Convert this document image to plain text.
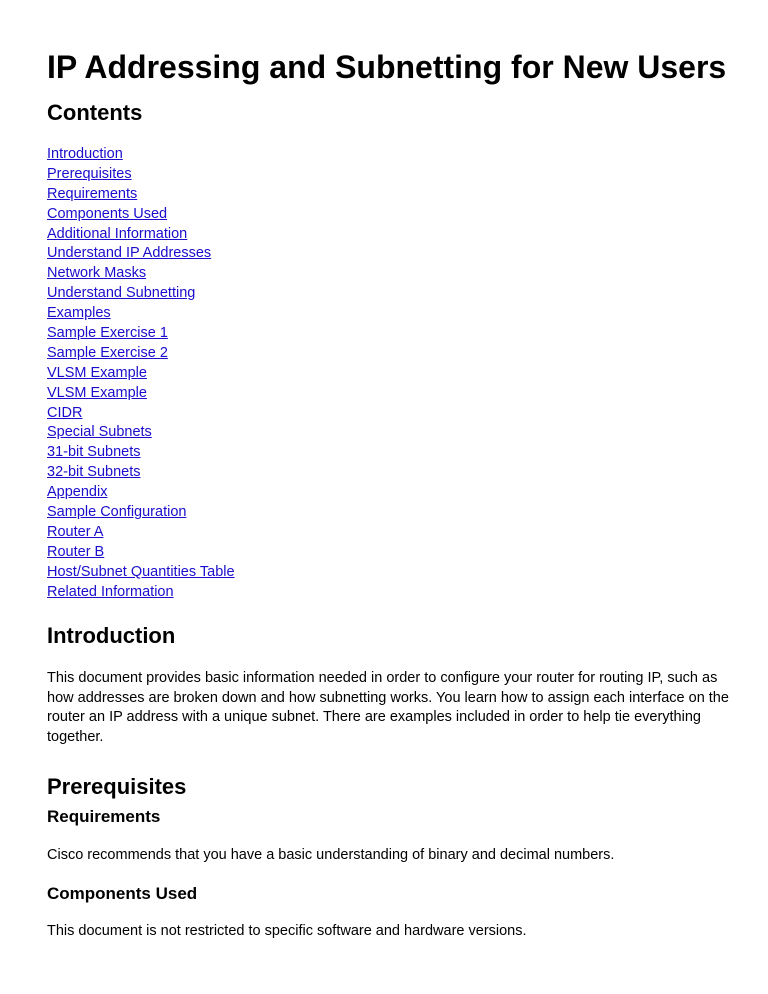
IP Addressing and Subnetting for New Users
Contents
Introduction
Prerequisites
Requirements
Components Used
Additional Information
Understand IP Addresses
Network Masks
Understand Subnetting
Examples
Sample Exercise 1
Sample Exercise 2
VLSM Example
VLSM Example
CIDR
Special Subnets
31-bit Subnets
32-bit Subnets
Appendix
Sample Configuration
Router A
Router B
Host/Subnet Quantities Table
Related Information
Introduction

This document provides basic information needed in order to configure your router for routing IP, such as how addresses are broken down and how subnetting works. You learn how to assign each interface on the router an IP address with a unique subnet. There are examples included in order to help tie everything together.

Prerequisites
Requirements

Cisco recommends that you have a basic understanding of binary and decimal numbers.

Components Used

This document is not restricted to specific software and hardware versions.
